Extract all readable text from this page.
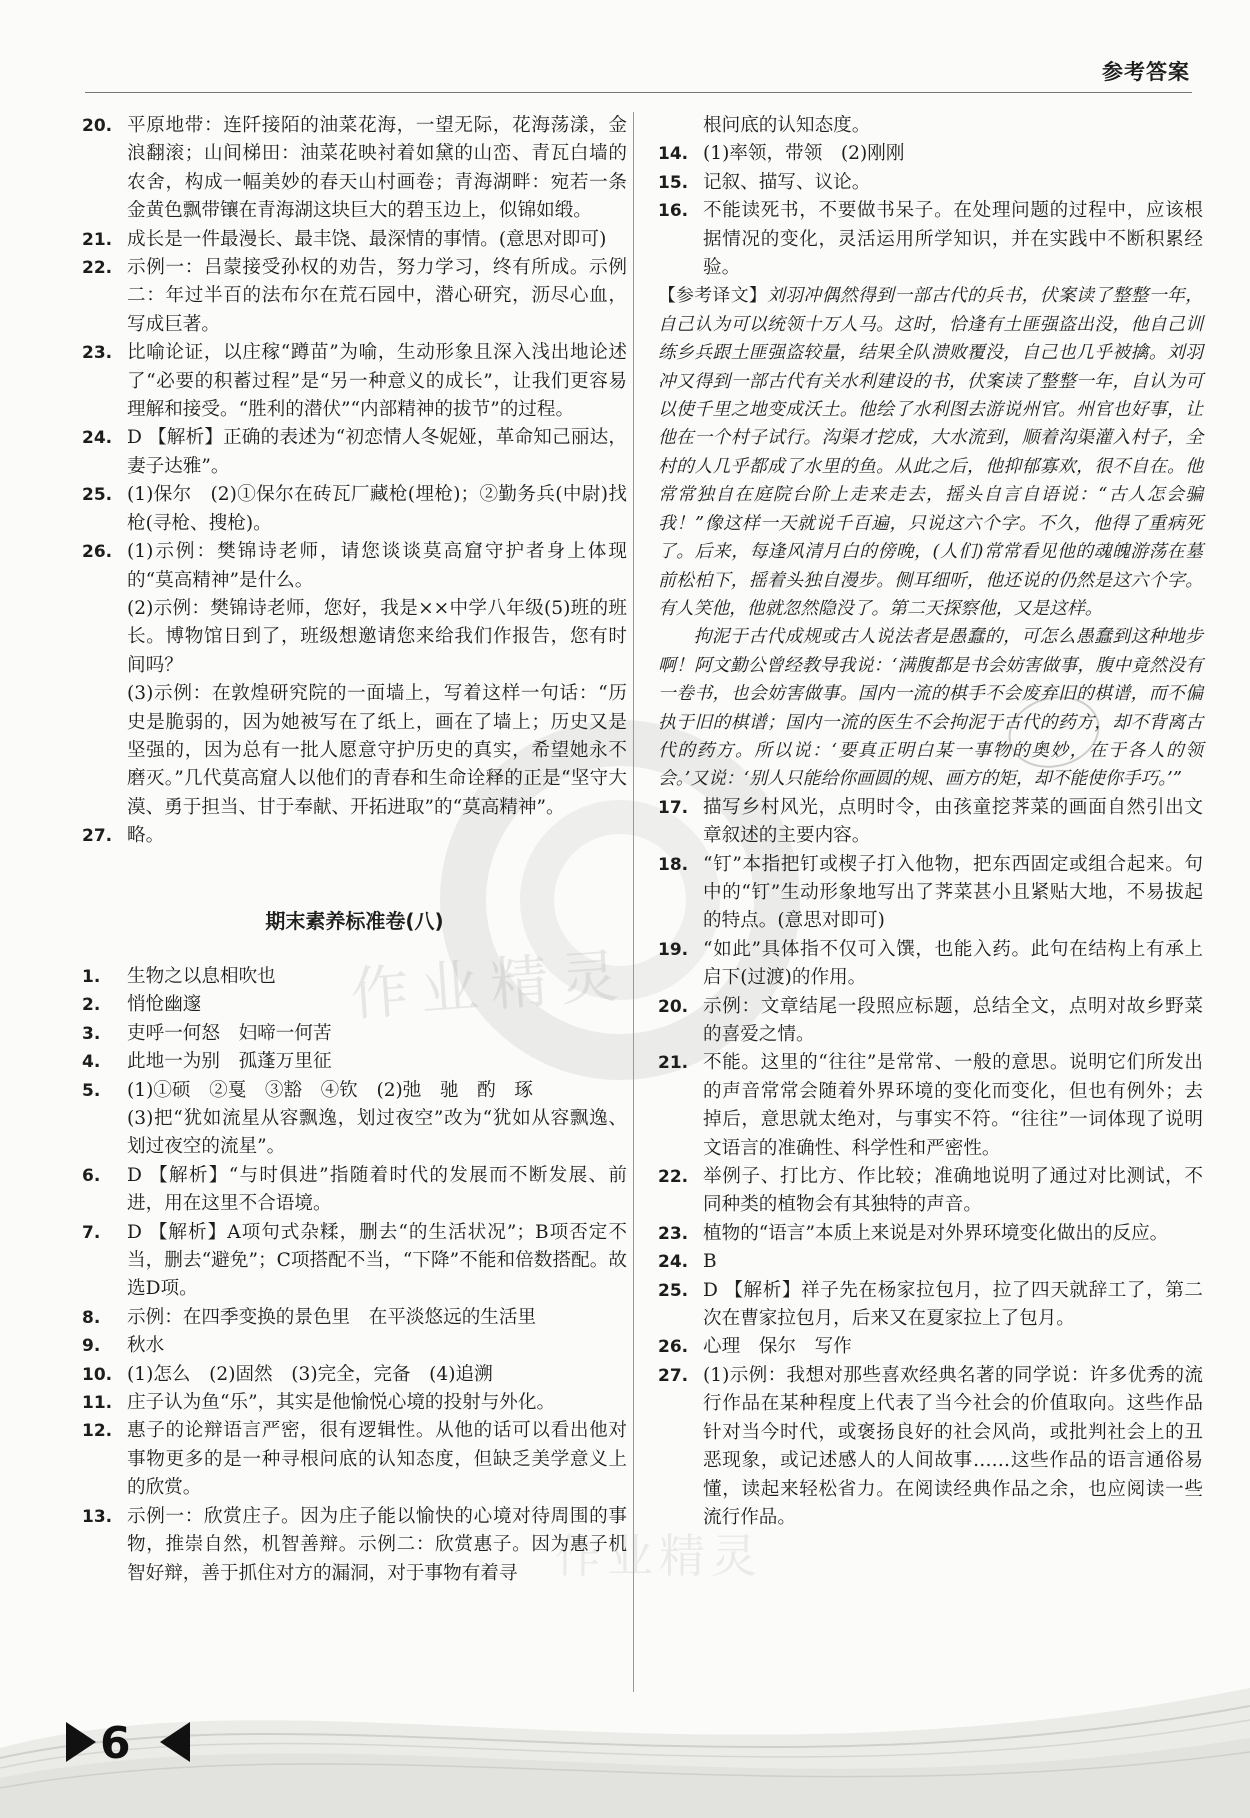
作业精灵
作业精灵
参考答案
20. 平原地带：连阡接陌的油菜花海，一望无际，花海荡漾，金浪翻滚；山间梯田：油菜花映衬着如黛的山峦、青瓦白墙的农舍，构成一幅美妙的春天山村画卷；青海湖畔：宛若一条金黄色飘带镶在青海湖这块巨大的碧玉边上，似锦如缎。
21. 成长是一件最漫长、最丰饶、最深情的事情。(意思对即可)
22. 示例一：吕蒙接受孙权的劝告，努力学习，终有所成。示例二：年过半百的法布尔在荒石园中，潜心研究，沥尽心血，写成巨著。
23. 比喻论证，以庄稼“蹲苗”为喻，生动形象且深入浅出地论述了“必要的积蓄过程”是“另一种意义的成长”，让我们更容易理解和接受。“胜利的潜伏”“内部精神的拔节”的过程。
24. D 【解析】正确的表述为“初恋情人冬妮娅，革命知己丽达，妻子达雅”。
25. (1)保尔　(2)①保尔在砖瓦厂藏枪(埋枪)；②勤务兵(中尉)找枪(寻枪、搜枪)。
26. (1)示例：樊锦诗老师，请您谈谈莫高窟守护者身上体现的“莫高精神”是什么。
(2)示例：樊锦诗老师，您好，我是××中学八年级(5)班的班长。博物馆日到了，班级想邀请您来给我们作报告，您有时间吗？
(3)示例：在敦煌研究院的一面墙上，写着这样一句话：“历史是脆弱的，因为她被写在了纸上，画在了墙上；历史又是坚强的，因为总有一批人愿意守护历史的真实，希望她永不磨灭。”几代莫高窟人以他们的青春和生命诠释的正是“坚守大漠、勇于担当、甘于奉献、开拓进取”的“莫高精神”。
27. 略。
期末素养标准卷(八)
1. 生物之以息相吹也
2. 悄怆幽邃
3. 吏呼一何怒　妇啼一何苦
4. 此地一为别　孤蓬万里征
5. (1)①硕　②戛　③豁　④钦　(2)弛　驰　酌　琢
(3)把“犹如流星从容飘逸，划过夜空”改为“犹如从容飘逸、划过夜空的流星”。
6. D 【解析】“与时俱进”指随着时代的发展而不断发展、前进，用在这里不合语境。
7. D 【解析】A项句式杂糅，删去“的生活状况”；B项否定不当，删去“避免”；C项搭配不当，“下降”不能和倍数搭配。故选D项。
8. 示例：在四季变换的景色里　在平淡悠远的生活里
9. 秋水
10. (1)怎么　(2)固然　(3)完全，完备　(4)追溯
11. 庄子认为鱼“乐”，其实是他愉悦心境的投射与外化。
12. 惠子的论辩语言严密，很有逻辑性。从他的话可以看出他对事物更多的是一种寻根问底的认知态度，但缺乏美学意义上的欣赏。
13. 示例一：欣赏庄子。因为庄子能以愉快的心境对待周围的事物，推崇自然，机智善辩。示例二：欣赏惠子。因为惠子机智好辩，善于抓住对方的漏洞，对于事物有着寻
根问底的认知态度。
14. (1)率领，带领　(2)刚刚
15. 记叙、描写、议论。
16. 不能读死书，不要做书呆子。在处理问题的过程中，应该根据情况的变化，灵活运用所学知识，并在实践中不断积累经验。
【参考译文】刘羽冲偶然得到一部古代的兵书，伏案读了整整一年，自己认为可以统领十万人马。这时，恰逢有土匪强盗出没，他自己训练乡兵跟土匪强盗较量，结果全队溃败覆没，自己也几乎被擒。刘羽冲又得到一部古代有关水利建设的书，伏案读了整整一年，自认为可以使千里之地变成沃土。他绘了水利图去游说州官。州官也好事，让他在一个村子试行。沟渠才挖成，大水流到，顺着沟渠灌入村子，全村的人几乎都成了水里的鱼。从此之后，他抑郁寡欢，很不自在。他常常独自在庭院台阶上走来走去，摇头自言自语说：“古人怎会骗我！”像这样一天就说千百遍，只说这六个字。不久，他得了重病死了。后来，每逢风清月白的傍晚，(人们)常常看见他的魂魄游荡在墓前松柏下，摇着头独自漫步。侧耳细听，他还说的仍然是这六个字。有人笑他，他就忽然隐没了。第二天探察他，又是这样。
拘泥于古代成规或古人说法者是愚蠢的，可怎么愚蠢到这种地步啊！阿文勤公曾经教导我说：‘满腹都是书会妨害做事，腹中竟然没有一卷书，也会妨害做事。国内一流的棋手不会废弃旧的棋谱，而不偏执于旧的棋谱；国内一流的医生不会拘泥于古代的药方，却不背离古代的药方。所以说：‘要真正明白某一事物的奥妙，在于各人的领会。’又说：‘别人只能给你画圆的规、画方的矩，却不能使你手巧。’”
17. 描写乡村风光，点明时令，由孩童挖荠菜的画面自然引出文章叙述的主要内容。
18. “钉”本指把钉或楔子打入他物，把东西固定或组合起来。句中的“钉”生动形象地写出了荠菜甚小且紧贴大地，不易拔起的特点。(意思对即可)
19. “如此”具体指不仅可入馔，也能入药。此句在结构上有承上启下(过渡)的作用。
20. 示例：文章结尾一段照应标题，总结全文，点明对故乡野菜的喜爱之情。
21. 不能。这里的“往往”是常常、一般的意思。说明它们所发出的声音常常会随着外界环境的变化而变化，但也有例外；去掉后，意思就太绝对，与事实不符。“往往”一词体现了说明文语言的准确性、科学性和严密性。
22. 举例子、打比方、作比较；准确地说明了通过对比测试，不同种类的植物会有其独特的声音。
23. 植物的“语言”本质上来说是对外界环境变化做出的反应。
24. B
25. D 【解析】祥子先在杨家拉包月，拉了四天就辞工了，第二次在曹家拉包月，后来又在夏家拉上了包月。
26. 心理　保尔　写作
27. (1)示例：我想对那些喜欢经典名著的同学说：许多优秀的流行作品在某种程度上代表了当今社会的价值取向。这些作品针对当今时代，或褒扬良好的社会风尚，或批判社会上的丑恶现象，或记述感人的人间故事……这些作品的语言通俗易懂，读起来轻松省力。在阅读经典作品之余，也应阅读一些流行作品。
6
